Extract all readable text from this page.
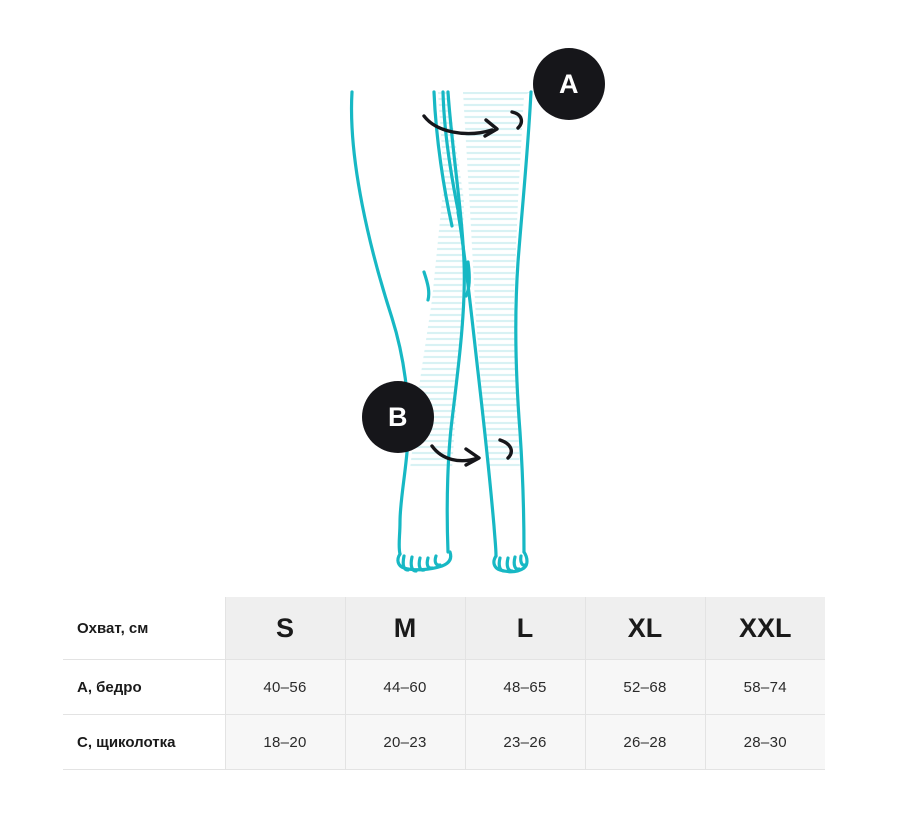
A
B
Охват, см	S	M	L	XL	XXL
A, бедро	40–56	44–60	48–65	52–68	58–74
C, щиколотка	18–20	20–23	23–26	26–28	28–30
